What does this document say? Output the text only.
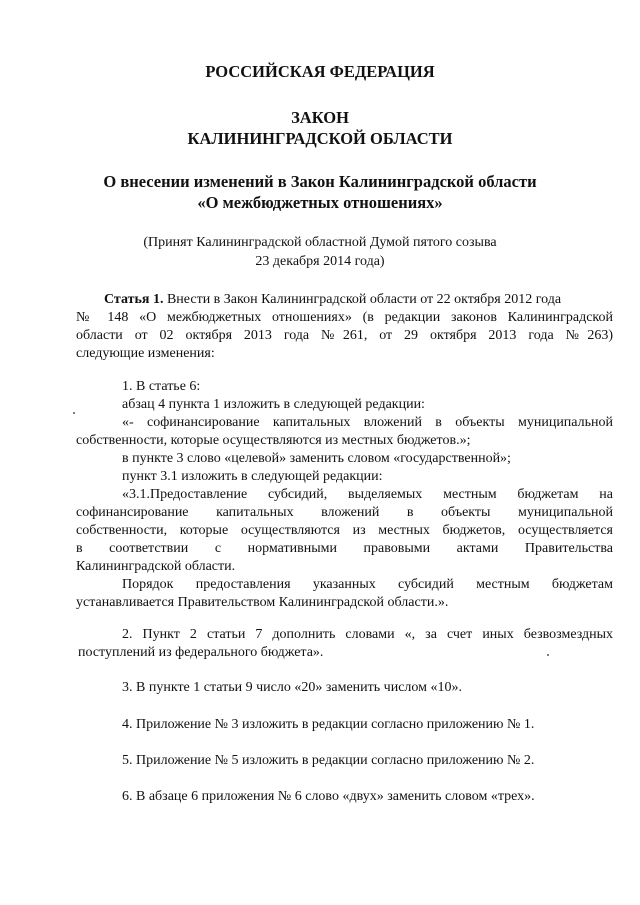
РОССИЙСКАЯ ФЕДЕРАЦИЯ

ЗАКОН

КАЛИНИНГРАДСКОЙ ОБЛАСТИ

О внесении изменений в Закон Калининградской области

«О межбюджетных отношениях»

(Принят Калининградской областной Думой пятого созыва

23 декабря 2014 года)

Статья 1. Внести в Закон Калининградской области от 22 октября 2012 года

№ 148 «О межбюджетных отношениях» (в редакции законов Калининградской

области от 02 октября 2013 года №261, от 29 октября 2013 года №263)

следующие изменения:

1. В статье 6:

абзац 4 пункта 1 изложить в следующей редакции:

«- софинансирование капитальных вложений в объекты муниципальной

собственности, которые осуществляются из местных бюджетов.»;

в пункте 3 слово «целевой» заменить словом «государственной»;

пункт 3.1 изложить в следующей редакции:

«3.1.Предоставление субсидий, выделяемых местным бюджетам на

софинансирование капитальных вложений в объекты муниципальной

собственности, которые осуществляются из местных бюджетов, осуществляется

в соответствии с нормативными правовыми актами Правительства

Калининградской области.

Порядок предоставления указанных субсидий местным бюджетам

устанавливается Правительством Калининградской области.».

2. Пункт 2 статьи 7 дополнить словами «, за счет иных безвозмездных

поступлений из федерального бюджета».

3. В пункте 1 статьи 9 число «20» заменить числом «10».

4. Приложение № 3 изложить в редакции согласно приложению № 1.

5. Приложение № 5 изложить в редакции согласно приложению № 2.

6. В абзаце 6 приложения № 6 слово «двух» заменить словом «трех».
